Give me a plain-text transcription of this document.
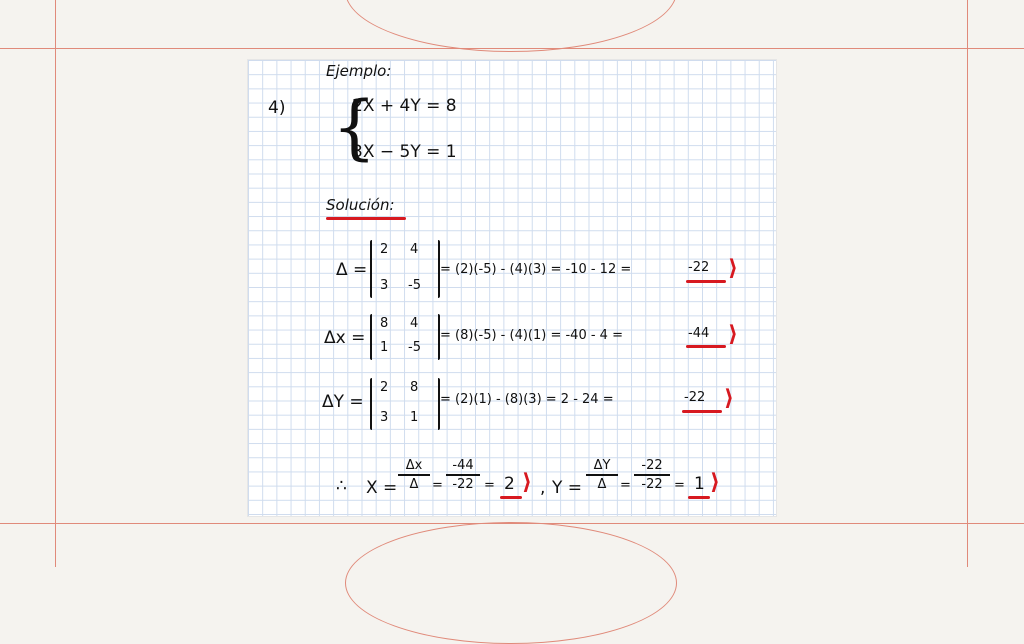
Ejemplo:
4) {
2X + 4Y = 8
3X − 5Y = 1
Solución:
Δ =
2 4
3 -5
= (2)(-5) - (4)(3) = -10 - 12 =	-22 ⟩
Δx =
8 4
1 -5
= (8)(-5) - (4)(1) = -40 - 4 =	-44 ⟩
ΔY =
2 8
3 1
= (2)(1) - (8)(3) = 2 - 24 =	-22 ⟩
∴ X =
Δx
Δ	=
-44
-22 = 2 ⟩ , Y =
ΔY
Δ	=
-22
-22 = 1 ⟩
